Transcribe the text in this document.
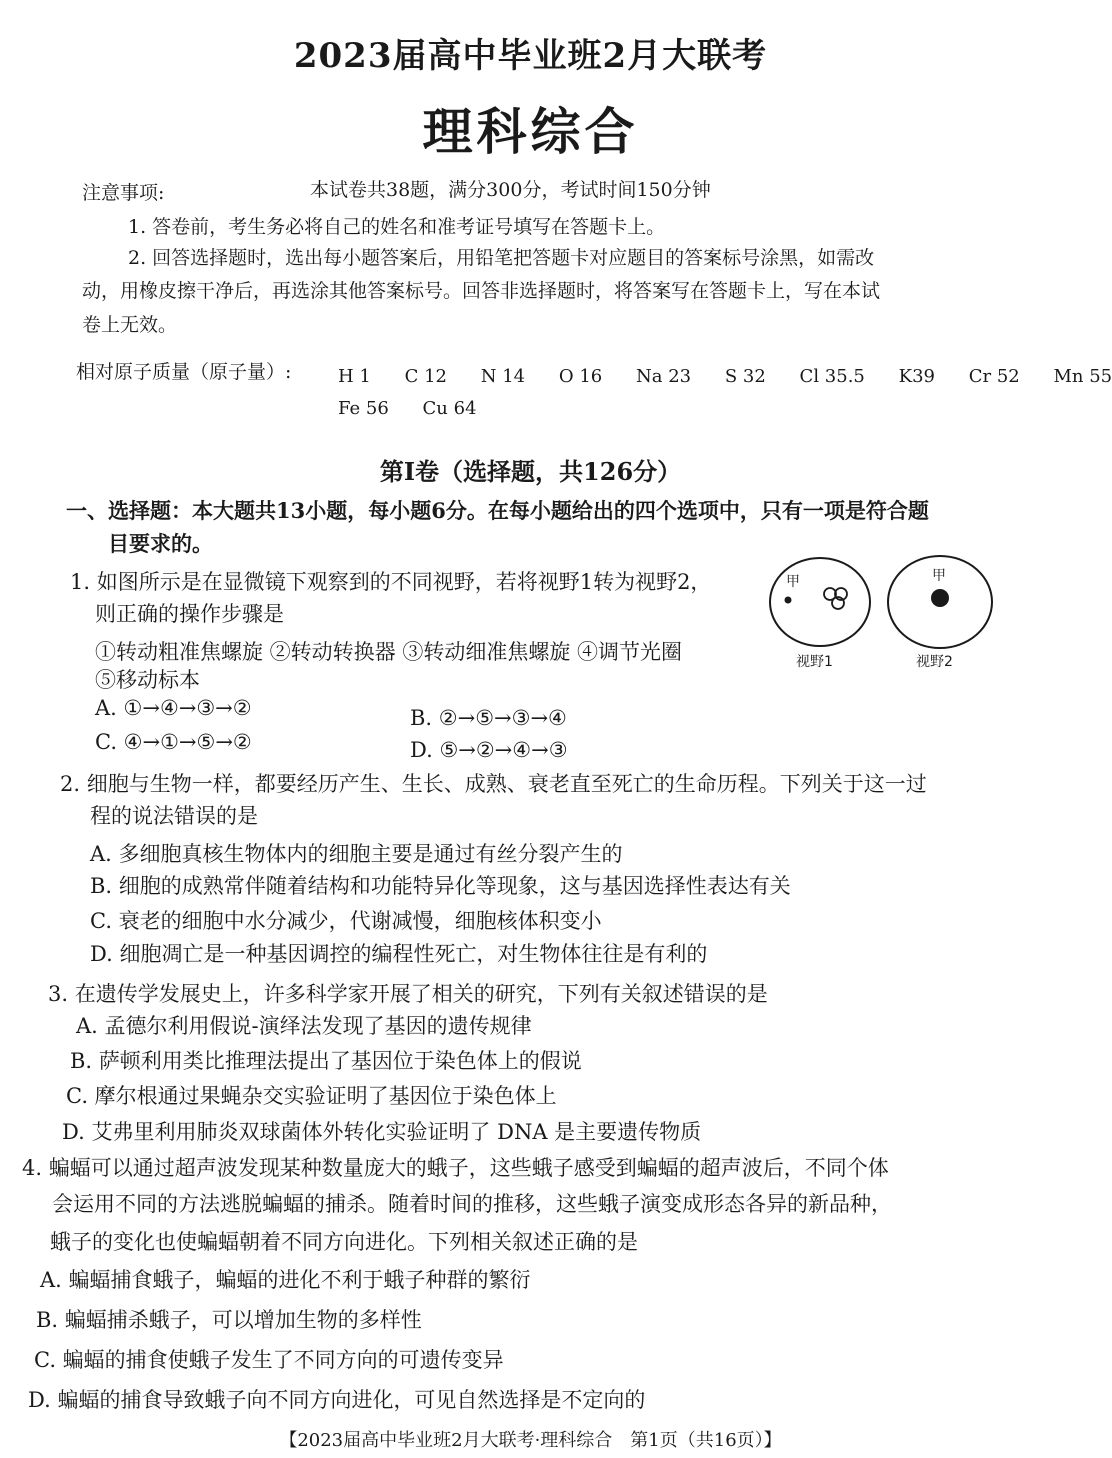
2023届高中毕业班2月大联考
理科综合
注意事项:	本试卷共38题，满分300分，考试时间150分钟
1. 答卷前，考生务必将自己的姓名和准考证号填写在答题卡上。
2. 回答选择题时，选出每小题答案后，用铅笔把答题卡对应题目的答案标号涂黑，如需改
动，用橡皮擦干净后，再选涂其他答案标号。回答非选择题时，将答案写在答题卡上，写在本试
卷上无效。
相对原子质量（原子量）:	H 1 C 12 N 14 O 16 Na 23 S 32 Cl 35.5 K39 Cr 52 Mn 55
Fe 56 Cu 64
第Ⅰ卷（选择题，共126分）
一、选择题：本大题共13小题，每小题6分。在每小题给出的四个选项中，只有一项是符合题
目要求的。
1. 如图所示是在显微镜下观察到的不同视野，若将视野1转为视野2，
则正确的操作步骤是
①转动粗准焦螺旋 ②转动转换器 ③转动细准焦螺旋 ④调节光圈
⑤移动标本
A. ①→④→③→②	B. ②→⑤→③→④
C. ④→①→⑤→②	D. ⑤→②→④→③
甲	甲
视野1	视野2
2. 细胞与生物一样，都要经历产生、生长、成熟、衰老直至死亡的生命历程。下列关于这一过
程的说法错误的是
A. 多细胞真核生物体内的细胞主要是通过有丝分裂产生的
B. 细胞的成熟常伴随着结构和功能特异化等现象，这与基因选择性表达有关
C. 衰老的细胞中水分减少，代谢减慢，细胞核体积变小
D. 细胞凋亡是一种基因调控的编程性死亡，对生物体往往是有利的
3. 在遗传学发展史上，许多科学家开展了相关的研究，下列有关叙述错误的是
A. 孟德尔利用假说-演绎法发现了基因的遗传规律
B. 萨顿利用类比推理法提出了基因位于染色体上的假说
C. 摩尔根通过果蝇杂交实验证明了基因位于染色体上
D. 艾弗里利用肺炎双球菌体外转化实验证明了 DNA 是主要遗传物质
4. 蝙蝠可以通过超声波发现某种数量庞大的蛾子，这些蛾子感受到蝙蝠的超声波后，不同个体
会运用不同的方法逃脱蝙蝠的捕杀。随着时间的推移，这些蛾子演变成形态各异的新品种，
蛾子的变化也使蝙蝠朝着不同方向进化。下列相关叙述正确的是
A. 蝙蝠捕食蛾子，蝙蝠的进化不利于蛾子种群的繁衍
B. 蝙蝠捕杀蛾子，可以增加生物的多样性
C. 蝙蝠的捕食使蛾子发生了不同方向的可遗传变异
D. 蝙蝠的捕食导致蛾子向不同方向进化，可见自然选择是不定向的
【2023届高中毕业班2月大联考·理科综合　第1页（共16页）】
